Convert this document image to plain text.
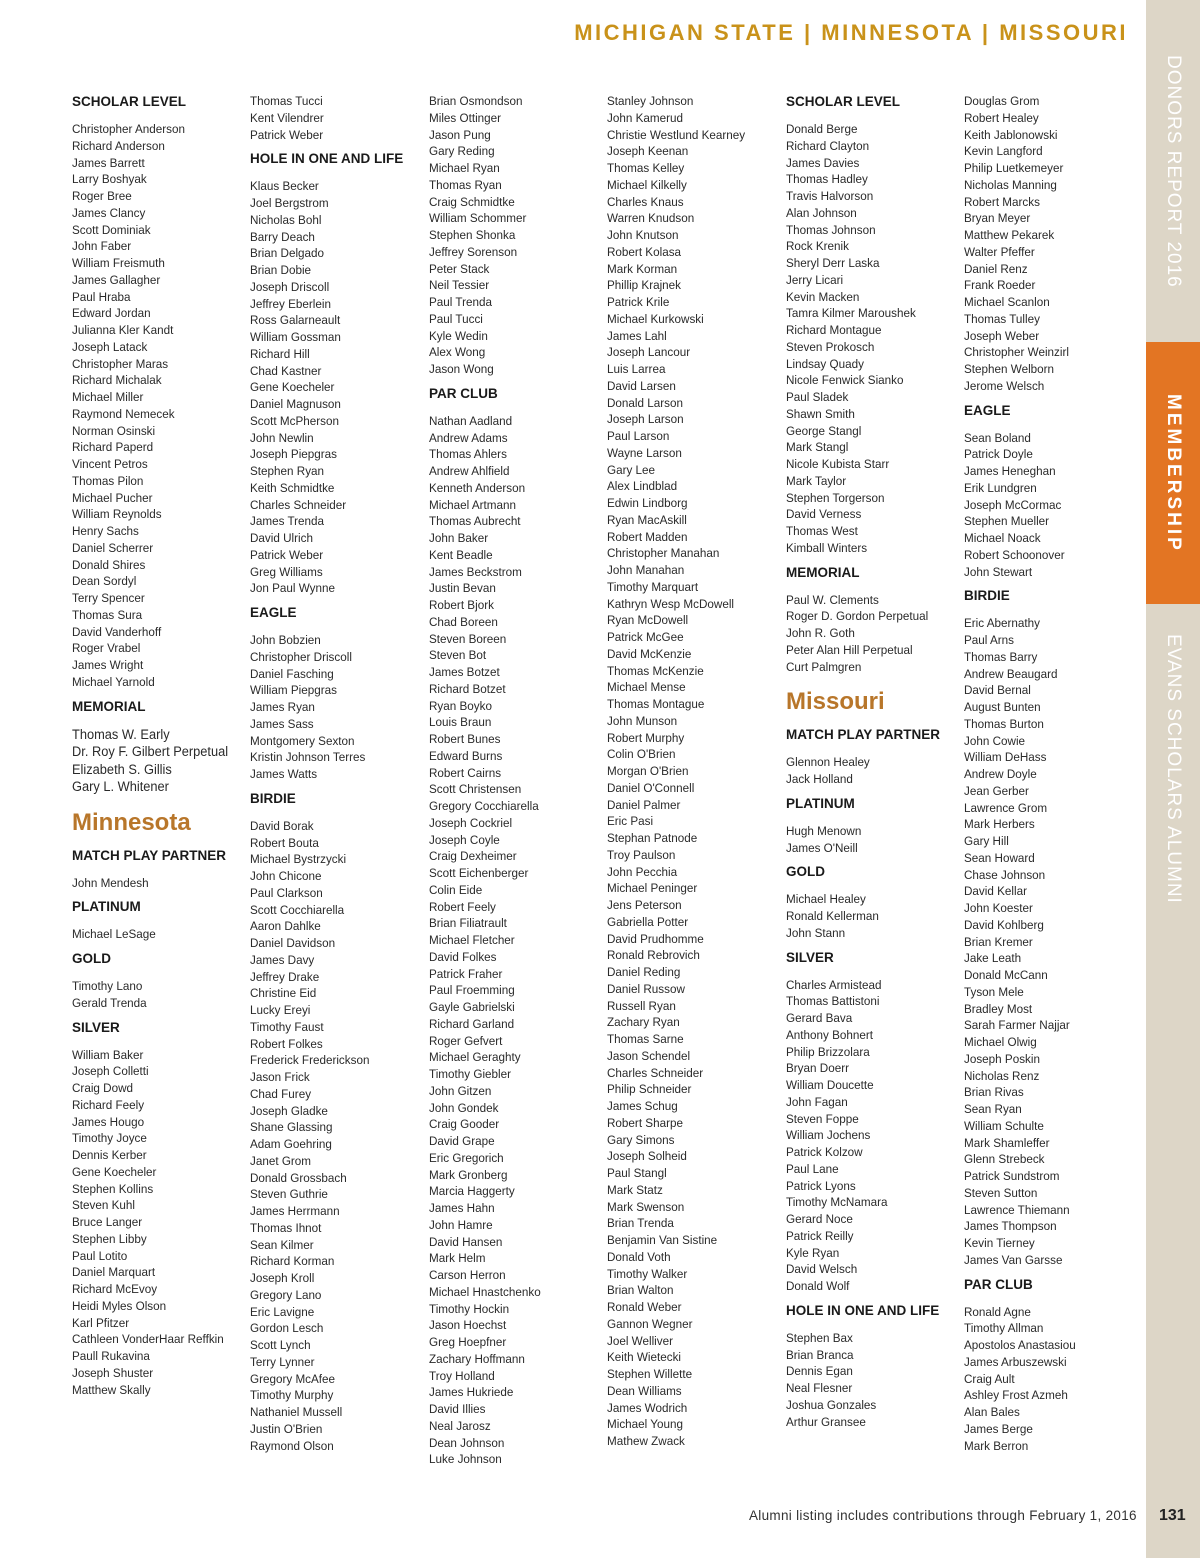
MICHIGAN STATE | MINNESOTA | MISSOURI
DONORS REPORT 2016
MEMBERSHIP
EVANS SCHOLARS ALUMNI
SCHOLAR LEVEL
Christopher Anderson
Richard Anderson
James Barrett
Larry Boshyak
Roger Bree
James Clancy
Scott Dominiak
John Faber
William Freismuth
James Gallagher
Paul Hraba
Edward Jordan
Julianna Kler Kandt
Joseph Latack
Christopher Maras
Richard Michalak
Michael Miller
Raymond Nemecek
Norman Osinski
Richard Paperd
Vincent Petros
Thomas Pilon
Michael Pucher
William Reynolds
Henry Sachs
Daniel Scherrer
Donald Shires
Dean Sordyl
Terry Spencer
Thomas Sura
David Vanderhoff
Roger Vrabel
James Wright
Michael Yarnold
MEMORIAL
Thomas W. Early
Dr. Roy F. Gilbert Perpetual
Elizabeth S. Gillis
Gary L. Whitener
Minnesota
MATCH PLAY PARTNER
John Mendesh
PLATINUM
Michael LeSage
GOLD
Timothy Lano
Gerald Trenda
SILVER
William Baker
Joseph Colletti
Craig Dowd
Richard Feely
James Hougo
Timothy Joyce
Dennis Kerber
Gene Koecheler
Stephen Kollins
Steven Kuhl
Bruce Langer
Stephen Libby
Paul Lotito
Daniel Marquart
Richard McEvoy
Heidi Myles Olson
Karl Pfitzer
Cathleen VonderHaar Reffkin
Paull Rukavina
Joseph Shuster
Matthew Skally
Thomas Tucci
Kent Vilendrer
Patrick Weber
HOLE IN ONE AND LIFE
Klaus Becker
Joel Bergstrom
Nicholas Bohl
Barry Deach
Brian Delgado
Brian Dobie
Joseph Driscoll
Jeffrey Eberlein
Ross Galarneault
William Gossman
Richard Hill
Chad Kastner
Gene Koecheler
Daniel Magnuson
Scott McPherson
John Newlin
Joseph Piepgras
Stephen Ryan
Keith Schmidtke
Charles Schneider
James Trenda
David Ulrich
Patrick Weber
Greg Williams
Jon Paul Wynne
EAGLE
John Bobzien
Christopher Driscoll
Daniel Fasching
William Piepgras
James Ryan
James Sass
Montgomery Sexton
Kristin Johnson Terres
James Watts
BIRDIE
David Borak
Robert Bouta
Michael Bystrzycki
John Chicone
Paul Clarkson
Scott Cocchiarella
Aaron Dahlke
Daniel Davidson
James Davy
Jeffrey Drake
Christine Eid
Lucky Ereyi
Timothy Faust
Robert Folkes
Frederick Frederickson
Jason Frick
Chad Furey
Joseph Gladke
Shane Glassing
Adam Goehring
Janet Grom
Donald Grossbach
Steven Guthrie
James Herrmann
Thomas Ihnot
Sean Kilmer
Richard Korman
Joseph Kroll
Gregory Lano
Eric Lavigne
Gordon Lesch
Scott Lynch
Terry Lynner
Gregory McAfee
Timothy Murphy
Nathaniel Mussell
Justin O'Brien
Raymond Olson
Brian Osmondson
Miles Ottinger
Jason Pung
Gary Reding
Michael Ryan
Thomas Ryan
Craig Schmidtke
William Schommer
Stephen Shonka
Jeffrey Sorenson
Peter Stack
Neil Tessier
Paul Trenda
Paul Tucci
Kyle Wedin
Alex Wong
Jason Wong
PAR CLUB
Nathan Aadland
Andrew Adams
Thomas Ahlers
Andrew Ahlfield
Kenneth Anderson
Michael Artmann
Thomas Aubrecht
John Baker
Kent Beadle
James Beckstrom
Justin Bevan
Robert Bjork
Chad Boreen
Steven Boreen
Steven Bot
James Botzet
Richard Botzet
Ryan Boyko
Louis Braun
Robert Bunes
Edward Burns
Robert Cairns
Scott Christensen
Gregory Cocchiarella
Joseph Cockriel
Joseph Coyle
Craig Dexheimer
Scott Eichenberger
Colin Eide
Robert Feely
Brian Filiatrault
Michael Fletcher
David Folkes
Patrick Fraher
Paul Froemming
Gayle Gabrielski
Richard Garland
Roger Gefvert
Michael Geraghty
Timothy Giebler
John Gitzen
John Gondek
Craig Gooder
David Grape
Eric Gregorich
Mark Gronberg
Marcia Haggerty
James Hahn
John Hamre
David Hansen
Mark Helm
Carson Herron
Michael Hnastchenko
Timothy Hockin
Jason Hoechst
Greg Hoepfner
Zachary Hoffmann
Troy Holland
James Hukriede
David Illies
Neal Jarosz
Dean Johnson
Luke Johnson
Stanley Johnson
John Kamerud
Christie Westlund Kearney
Joseph Keenan
Thomas Kelley
Michael Kilkelly
Charles Knaus
Warren Knudson
John Knutson
Robert Kolasa
Mark Korman
Phillip Krajnek
Patrick Krile
Michael Kurkowski
James Lahl
Joseph Lancour
Luis Larrea
David Larsen
Donald Larson
Joseph Larson
Paul Larson
Wayne Larson
Gary Lee
Alex Lindblad
Edwin Lindborg
Ryan MacAskill
Robert Madden
Christopher Manahan
John Manahan
Timothy Marquart
Kathryn Wesp McDowell
Ryan McDowell
Patrick McGee
David McKenzie
Thomas McKenzie
Michael Mense
Thomas Montague
John Munson
Robert Murphy
Colin O'Brien
Morgan O'Brien
Daniel O'Connell
Daniel Palmer
Eric Pasi
Stephan Patnode
Troy Paulson
John Pecchia
Michael Peninger
Jens Peterson
Gabriella Potter
David Prudhomme
Ronald Rebrovich
Daniel Reding
Daniel Russow
Russell Ryan
Zachary Ryan
Thomas Sarne
Jason Schendel
Charles Schneider
Philip Schneider
James Schug
Robert Sharpe
Gary Simons
Joseph Solheid
Paul Stangl
Mark Statz
Mark Swenson
Brian Trenda
Benjamin Van Sistine
Donald Voth
Timothy Walker
Brian Walton
Ronald Weber
Gannon Wegner
Joel Welliver
Keith Wietecki
Stephen Willette
Dean Williams
James Wodrich
Michael Young
Mathew Zwack
SCHOLAR LEVEL
Donald Berge
Richard Clayton
James Davies
Thomas Hadley
Travis Halvorson
Alan Johnson
Thomas Johnson
Rock Krenik
Sheryl Derr Laska
Jerry Licari
Kevin Macken
Tamra Kilmer Maroushek
Richard Montague
Steven Prokosch
Lindsay Quady
Nicole Fenwick Sianko
Paul Sladek
Shawn Smith
George Stangl
Mark Stangl
Nicole Kubista Starr
Mark Taylor
Stephen Torgerson
David Verness
Thomas West
Kimball Winters
MEMORIAL
Paul W. Clements
Roger D. Gordon Perpetual
John R. Goth
Peter Alan Hill Perpetual
Curt Palmgren
Missouri
MATCH PLAY PARTNER
Glennon Healey
Jack Holland
PLATINUM
Hugh Menown
James O'Neill
GOLD
Michael Healey
Ronald Kellerman
John Stann
SILVER
Charles Armistead
Thomas Battistoni
Gerard Bava
Anthony Bohnert
Philip Brizzolara
Bryan Doerr
William Doucette
John Fagan
Steven Foppe
William Jochens
Patrick Kolzow
Paul Lane
Patrick Lyons
Timothy McNamara
Gerard Noce
Patrick Reilly
Kyle Ryan
David Welsch
Donald Wolf
HOLE IN ONE AND LIFE
Stephen Bax
Brian Branca
Dennis Egan
Neal Flesner
Joshua Gonzales
Arthur Gransee
Douglas Grom
Robert Healey
Keith Jablonowski
Kevin Langford
Philip Luetkemeyer
Nicholas Manning
Robert Marcks
Bryan Meyer
Matthew Pekarek
Walter Pfeffer
Daniel Renz
Frank Roeder
Michael Scanlon
Thomas Tulley
Joseph Weber
Christopher Weinzirl
Stephen Welborn
Jerome Welsch
EAGLE
Sean Boland
Patrick Doyle
James Heneghan
Erik Lundgren
Joseph McCormac
Stephen Mueller
Michael Noack
Robert Schoonover
John Stewart
BIRDIE
Eric Abernathy
Paul Arns
Thomas Barry
Andrew Beaugard
David Bernal
August Bunten
Thomas Burton
John Cowie
William DeHass
Andrew Doyle
Jean Gerber
Lawrence Grom
Mark Herbers
Gary Hill
Sean Howard
Chase Johnson
David Kellar
John Koester
David Kohlberg
Brian Kremer
Jake Leath
Donald McCann
Tyson Mele
Bradley Most
Sarah Farmer Najjar
Michael Olwig
Joseph Poskin
Nicholas Renz
Brian Rivas
Sean Ryan
William Schulte
Mark Shamleffer
Glenn Strebeck
Patrick Sundstrom
Steven Sutton
Lawrence Thiemann
James Thompson
Kevin Tierney
James Van Garsse
PAR CLUB
Ronald Agne
Timothy Allman
Apostolos Anastasiou
James Arbuszewski
Craig Ault
Ashley Frost Azmeh
Alan Bales
James Berge
Mark Berron
Alumni listing includes contributions through February 1, 2016 131
